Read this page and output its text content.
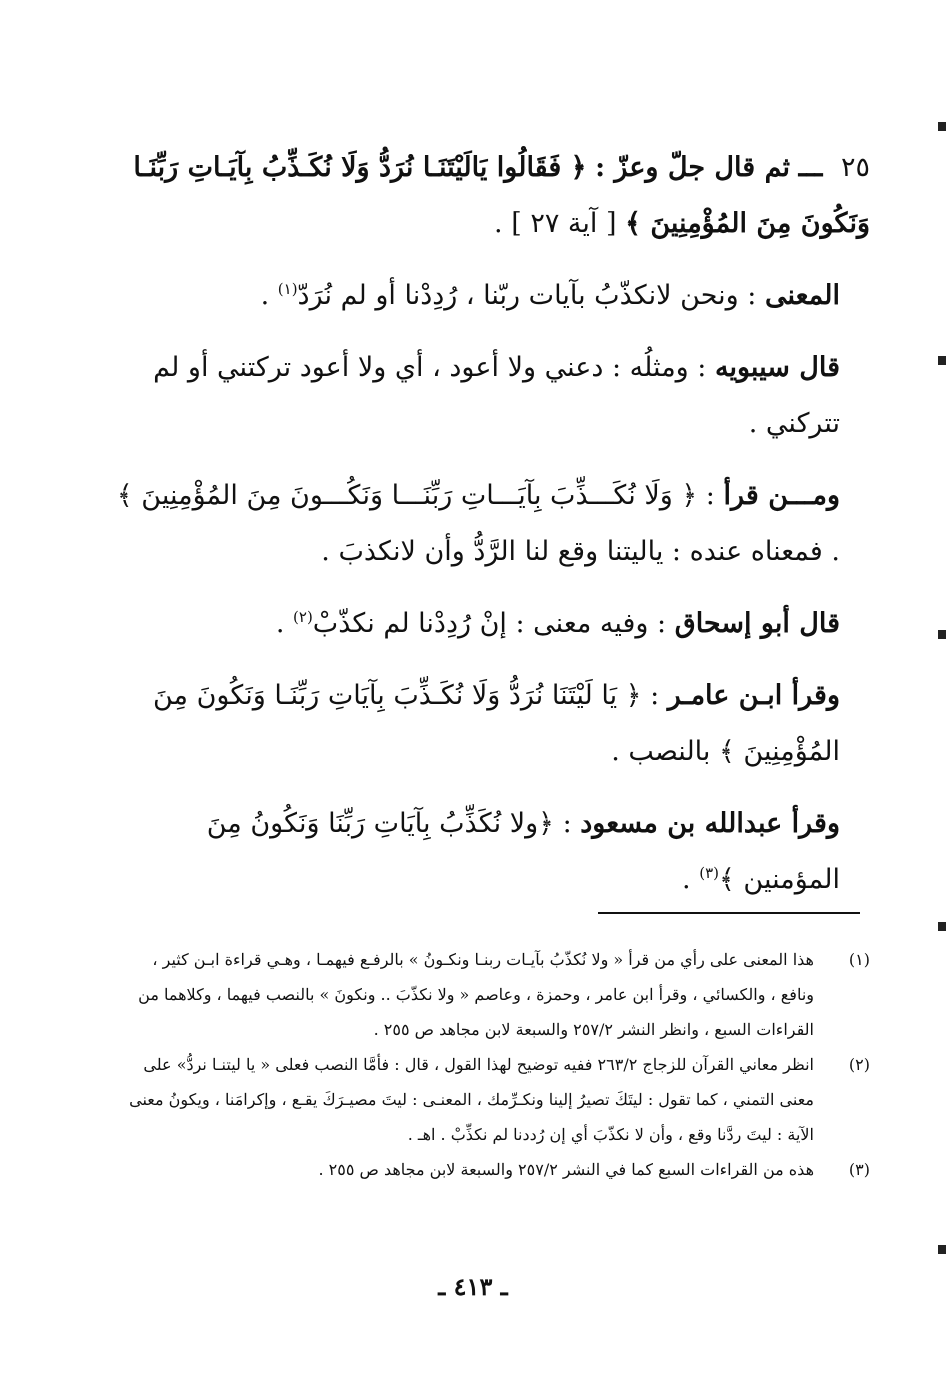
٢٥ ـــ ثم قال جلّ وعزّ : ﴿ فَقَالُوا يَالَيْتَنَـا نُرَدُّ وَلَا نُكَـذِّبُ بِآيَـاتِ رَبِّنَـا وَنَكُونَ مِنَ المُؤْمِنِينَ ﴾ [ آية ٢٧ ] .

المعنى : ونحن لانكذّبُ بآيات ربّنا ، رُدِدْنا أو لم نُرَدّ$^{(١)}$ .

قال سيبويه : ومثلُه : دعني ولا أعود ، أي ولا أعود تركتني أو لم تتركني .

ومـــن قرأ : ﴿ وَلَا نُكَـــذِّبَ بِآيَـــاتِ رَبِّنَـــا وَنَكُـــونَ مِنَ المُؤْمِنِينَ ﴾ . فمعناه عنده : ياليتنا وقع لنا الرَّدُّ وأن لانكذبَ .

قال أبو إسحاق : وفيه معنى : إنْ رُدِدْنا لم نكذّبْ$^{(٢)}$ .

وقرأ ابـن عامـر : ﴿ يَا لَيْتَنَا نُرَدُّ وَلَا نُكَـذِّبَ بِآيَاتِ رَبِّنَـا وَنَكُونَ مِنَ المُؤْمِنِينَ ﴾ بالنصب .

وقرأ عبدالله بن مسعود : ﴿ولا نُكَذِّبُ بِآيَاتِ رَبِّنَا وَنَكُونُ مِنَ المؤمنين ﴾$^{(٣)}$ .

(١)
هذا المعنى على رأي من قرأ « ولا نُكذّبُ بآيـات ربنـا ونكـونُ » بالرفـع فيهمـا ، وهـي قراءة ابـن كثير ، ونافع ، والكسائي ، وقرأ ابن عامر ، وحمزة ، وعاصم « ولا نكذّبَ .. ونكونَ » بالنصب فيهما ، وكلاهما من القراءات السبع ، وانظر النشر ٢٥٧/٢ والسبعة لابن مجاهد ص ٢٥٥ .

(٢)
انظر معاني القرآن للزجاج ٢٦٣/٢ ففيه توضيح لهذا القول ، قال : فأمَّا النصب فعلى « يا ليتنـا نردُّ» على معنى التمني ، كما تقول : ليتَكَ تصيرُ إلينا ونكـرِّمك ، المعنـى : ليتَ مصيـرَكَ يقـع ، وإكرامَنا ، ويكونُ معنى الآية : ليتَ ردَّنا وقع ، وأن لا نكذّبَ أي إن رُددنا لم نكذِّبْ . اهـ .

(٣)
هذه من القراءات السبع كما في النشر ٢٥٧/٢ والسبعة لابن مجاهد ص ٢٥٥ .

ـ ٤١٣ ـ
